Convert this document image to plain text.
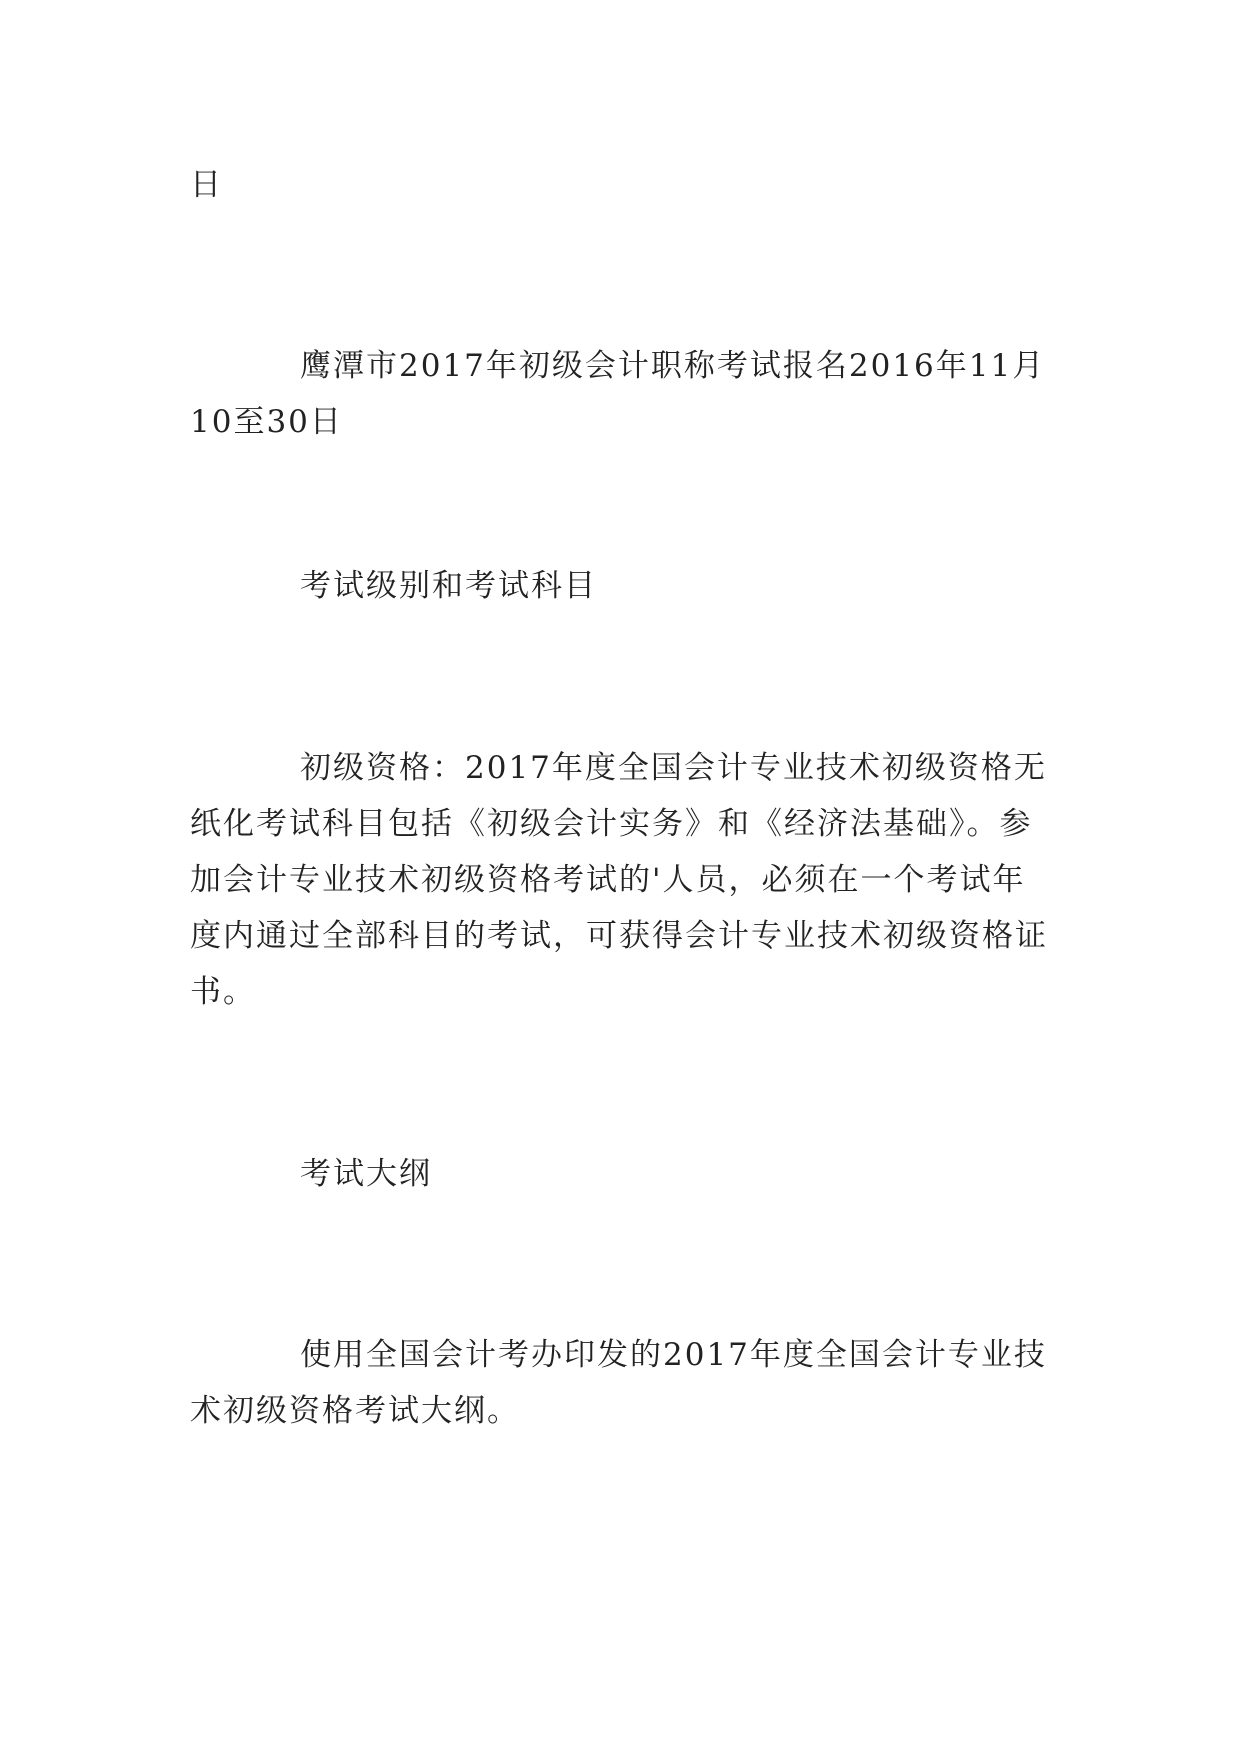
日

鹰潭市2017年初级会计职称考试报名2016年11月

10至30日

考试级别和考试科目

初级资格：2017年度全国会计专业技术初级资格无

纸化考试科目包括《初级会计实务》和《经济法基础》。参

加会计专业技术初级资格考试的'人员，必须在一个考试年

度内通过全部科目的考试，可获得会计专业技术初级资格证

书。

考试大纲

使用全国会计考办印发的2017年度全国会计专业技

术初级资格考试大纲。
